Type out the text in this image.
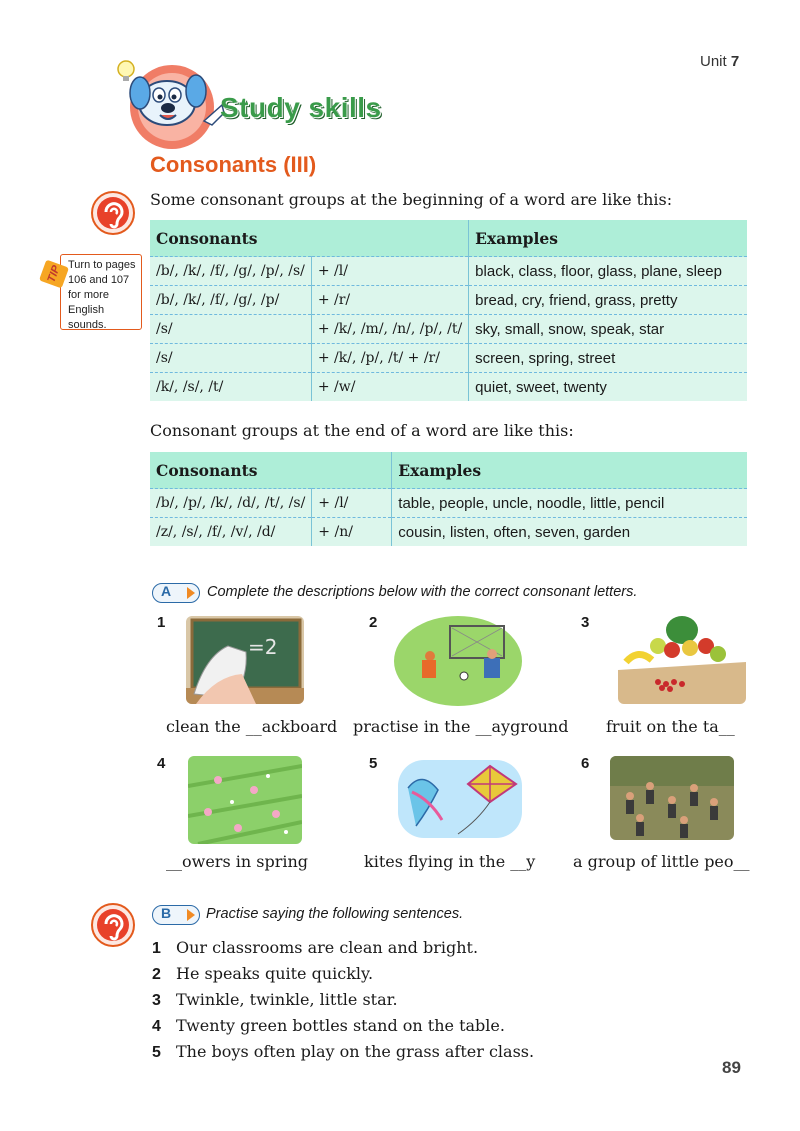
Unit 7
Study skills
Consonants (III)
Some consonant groups at the beginning of a word are like this:
TIP Turn to pages
106 and 107
for more
English sounds.
Consonants		Examples
/b/, /k/, /f/, /g/, /p/, /s/	+ /l/	black, class, floor, glass, plane, sleep
/b/, /k/, /f/, /g/, /p/	+ /r/	bread, cry, friend, grass, pretty
/s/	+ /k/, /m/, /n/, /p/, /t/	sky, small, snow, speak, star
/s/	+ /k/, /p/, /t/ + /r/	screen, spring, street
/k/, /s/, /t/	+ /w/	quiet, sweet, twenty
Consonant groups at the end of a word are like this:
Consonants		Examples
/b/, /p/, /k/, /d/, /t/, /s/	+ /l/	table, people, uncle, noodle, little, pencil
/z/, /s/, /f/, /v/, /d/	+ /n/	cousin, listen, often, seven, garden
A Complete the descriptions below with the correct consonant letters.
1
=2
clean the __ackboard
2
practise in the __ayground
3
fruit on the ta__
4
__owers in spring
5
kites flying in the __y
6
a group of little peo__
B Practise saying the following sentences.
1 Our classrooms are clean and bright.
2 He speaks quite quickly.
3 Twinkle, twinkle, little star.
4 Twenty green bottles stand on the table.
5 The boys often play on the grass after class.
89
